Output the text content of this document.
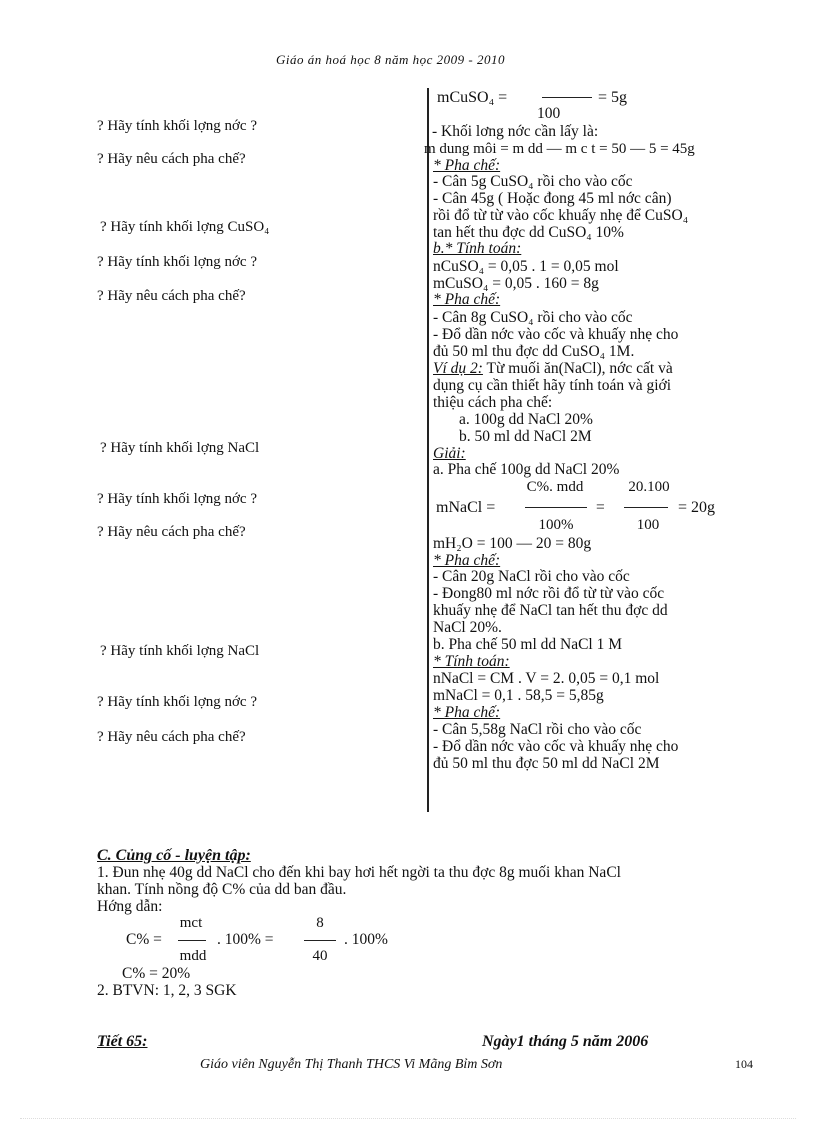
Giáo án hoá học 8 năm học 2009 - 2010
? Hãy tính khối lợng nớc ?
? Hãy nêu cách pha chế?
? Hãy tính khối lợng CuSO₄
? Hãy tính khối lợng nớc ?
? Hãy nêu cách pha chế?
? Hãy tính khối lợng NaCl
? Hãy tính khối lợng nớc ?
? Hãy nêu cách pha chế?
? Hãy tính khối lợng NaCl
? Hãy tính khối lợng nớc ?
? Hãy nêu cách pha chế?
mCuSO₄ =	= 5g
100
- Khối lơng nớc cần lấy là:
m dung môi = m dd — m c t = 50 — 5 = 45g
* Pha chế:
- Cân 5g CuSO₄ rồi cho vào cốc
- Cân 45g ( Hoặc đong 45 ml nớc cân)
rồi đổ từ từ vào cốc khuấy nhẹ để CuSO₄
tan hết thu đợc dd CuSO₄ 10%
b.* Tính toán:
nCuSO₄ = 0,05 . 1 = 0,05 mol
mCuSO₄ = 0,05 . 160 = 8g
* Pha chế:
- Cân 8g CuSO₄ rồi cho vào cốc
- Đổ dần nớc vào cốc và khuấy nhẹ cho
đủ 50 ml thu đợc dd CuSO₄ 1M.
Ví dụ 2: Từ muối ăn(NaCl), nớc cất và
dụng cụ cần thiết hãy tính toán và giới
thiệu cách pha chế:
a. 100g dd NaCl 20%
b. 50 ml dd NaCl 2M
Giải:
a. Pha chế 100g dd NaCl 20%
mNaCl =
C%. mdd
100%
=
20.100
100
= 20g
mH₂O = 100 — 20 = 80g
* Pha chế:
- Cân 20g NaCl rồi cho vào cốc
- Đong80 ml nớc rồi đổ từ từ vào cốc
khuấy nhẹ để NaCl tan hết thu đợc dd
NaCl 20%.
b. Pha chế 50 ml dd NaCl 1 M
* Tính toán:
nNaCl = CM . V = 2. 0,05 = 0,1 mol
mNaCl = 0,1 . 58,5 = 5,85g
* Pha chế:
- Cân 5,58g NaCl rồi cho vào cốc
- Đổ dần nớc vào cốc và khuấy nhẹ cho
đủ 50 ml thu đợc 50 ml dd NaCl 2M
C. Củng cố - luyện tập:
1. Đun nhẹ 40g dd NaCl cho đến khi bay hơi hết ngời ta thu đợc 8g muối khan NaCl
khan. Tính nồng độ C% của dd ban đầu.
Hớng dẫn:
C% =
mct
mdd
. 100% =
8
40
. 100%
C% = 20%
2. BTVN: 1, 2, 3 SGK
Tiết 65:	Ngày1 tháng 5 năm 2006
Giáo viên Nguyễn Thị Thanh THCS Vi Mãng Bỉm Sơn	104
